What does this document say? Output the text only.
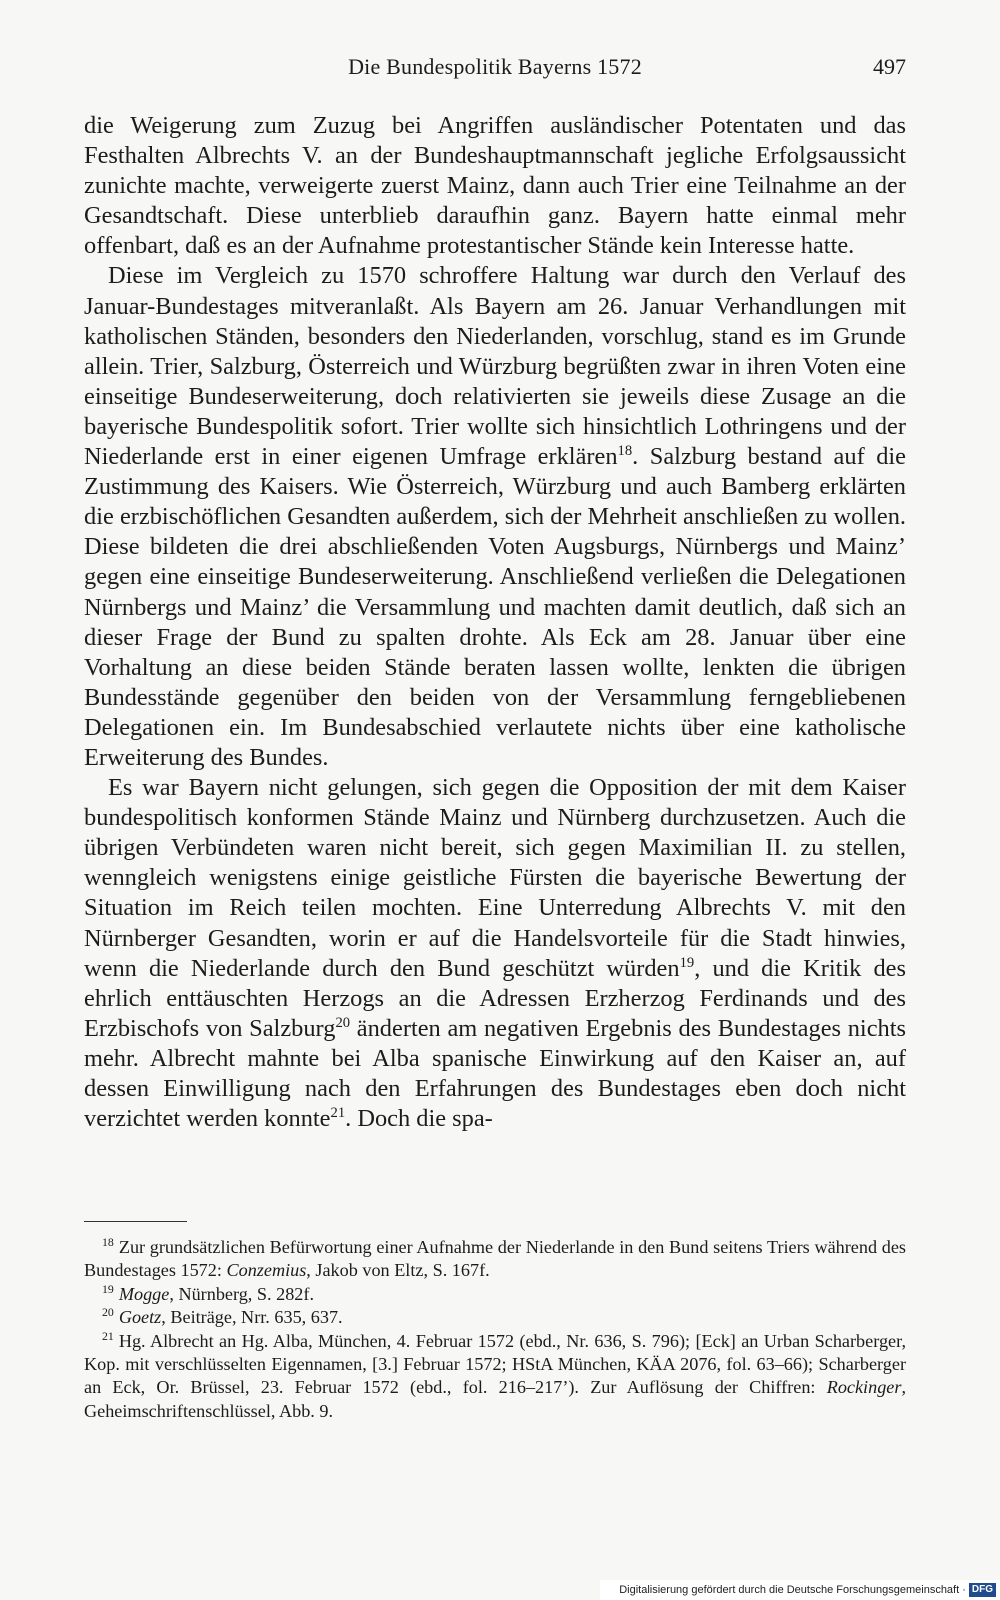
Die Bundespolitik Bayerns 1572	497

die Weigerung zum Zuzug bei Angriffen ausländischer Potentaten und das Festhalten Albrechts V. an der Bundeshauptmannschaft jegliche Erfolgsaussicht zunichte machte, verweigerte zuerst Mainz, dann auch Trier eine Teilnahme an der Gesandtschaft. Diese unterblieb daraufhin ganz. Bayern hatte einmal mehr offenbart, daß es an der Aufnahme protestantischer Stände kein Interesse hatte.

Diese im Vergleich zu 1570 schroffere Haltung war durch den Verlauf des Januar-Bundestages mitveranlaßt. Als Bayern am 26. Januar Verhandlungen mit katholischen Ständen, besonders den Niederlanden, vorschlug, stand es im Grunde allein. Trier, Salzburg, Österreich und Würzburg begrüßten zwar in ihren Voten eine einseitige Bundeserweiterung, doch relativierten sie jeweils diese Zusage an die bayerische Bundespolitik sofort. Trier wollte sich hinsichtlich Lothringens und der Niederlande erst in einer eigenen Umfrage erklären$^{18}$. Salzburg bestand auf die Zustimmung des Kaisers. Wie Österreich, Würzburg und auch Bamberg erklärten die erzbischöflichen Gesandten außerdem, sich der Mehrheit anschließen zu wollen. Diese bildeten die drei abschließenden Voten Augsburgs, Nürnbergs und Mainz’ gegen eine einseitige Bundeserweiterung. Anschließend verließen die Delegationen Nürnbergs und Mainz’ die Versammlung und machten damit deutlich, daß sich an dieser Frage der Bund zu spalten drohte. Als Eck am 28. Januar über eine Vorhaltung an diese beiden Stände beraten lassen wollte, lenkten die übrigen Bundesstände gegenüber den beiden von der Versammlung ferngebliebenen Delegationen ein. Im Bundesabschied verlautete nichts über eine katholische Erweiterung des Bundes.

Es war Bayern nicht gelungen, sich gegen die Opposition der mit dem Kaiser bundespolitisch konformen Stände Mainz und Nürnberg durchzusetzen. Auch die übrigen Verbündeten waren nicht bereit, sich gegen Maximilian II. zu stellen, wenngleich wenigstens einige geistliche Fürsten die bayerische Bewertung der Situation im Reich teilen mochten. Eine Unterredung Albrechts V. mit den Nürnberger Gesandten, worin er auf die Handelsvorteile für die Stadt hinwies, wenn die Niederlande durch den Bund geschützt würden$^{19}$, und die Kritik des ehrlich enttäuschten Herzogs an die Adressen Erzherzog Ferdinands und des Erzbischofs von Salzburg$^{20}$ änderten am negativen Ergebnis des Bundestages nichts mehr. Albrecht mahnte bei Alba spanische Einwirkung auf den Kaiser an, auf dessen Einwilligung nach den Erfahrungen des Bundestages eben doch nicht verzichtet werden konnte$^{21}$. Doch die spa-

$^{18}$ Zur grundsätzlichen Befürwortung einer Aufnahme der Niederlande in den Bund seitens Triers während des Bundestages 1572: Conzemius, Jakob von Eltz, S. 167f.

$^{19}$ Mogge, Nürnberg, S. 282f.

$^{20}$ Goetz, Beiträge, Nrr. 635, 637.

$^{21}$ Hg. Albrecht an Hg. Alba, München, 4. Februar 1572 (ebd., Nr. 636, S. 796); [Eck] an Urban Scharberger, Kop. mit verschlüsselten Eigennamen, [3.] Februar 1572; HStA München, KÄA 2076, fol. 63–66); Scharberger an Eck, Or. Brüssel, 23. Februar 1572 (ebd., fol. 216–217’). Zur Auflösung der Chiffren: Rockinger, Geheimschriftenschlüssel, Abb. 9.

Digitalisierung gefördert durch die Deutsche Forschungsgemeinschaft · DFG
